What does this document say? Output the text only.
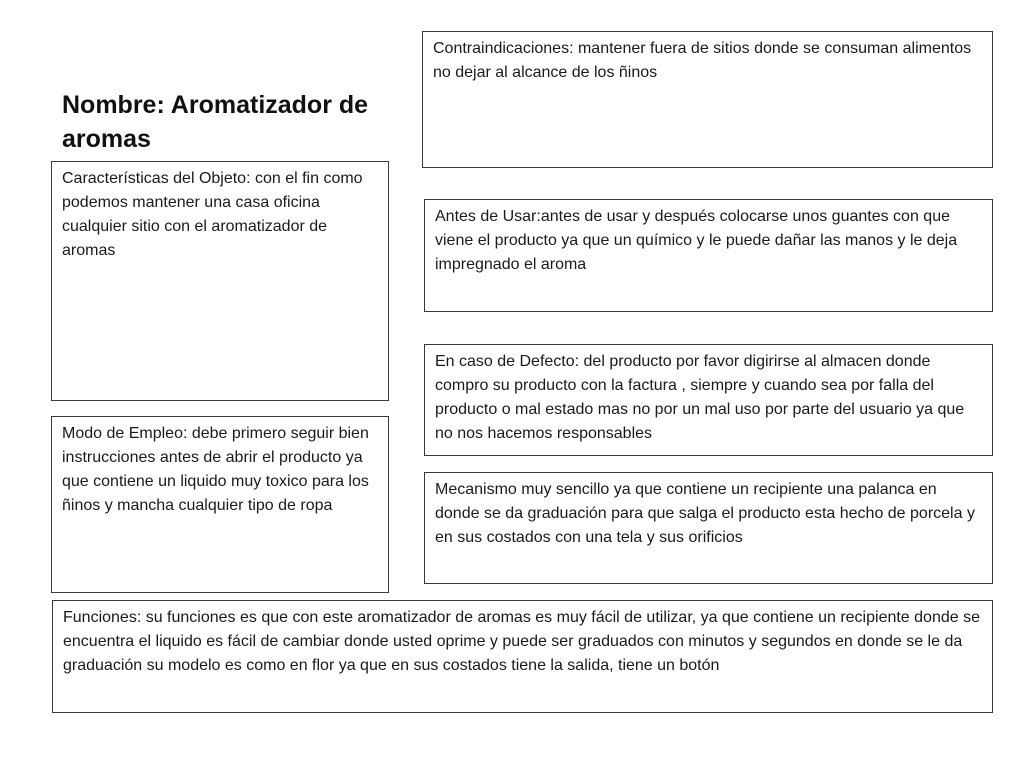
Nombre: Aromatizador de aromas
Contraindicaciones: mantener fuera de sitios donde se consuman alimentos no dejar al alcance de los ñinos
Características del Objeto: con el fin como podemos mantener una casa oficina cualquier sitio con el aromatizador de aromas
Antes de Usar:antes de usar y después colocarse unos guantes con que viene el producto ya que un químico y le puede dañar las manos y le deja impregnado el aroma
En caso de Defecto: del producto por favor digirirse al almacen donde compro su producto con la factura , siempre y cuando sea por falla del producto o mal estado mas no por un mal uso por parte del usuario ya que no nos hacemos responsables
Modo de Empleo: debe primero seguir bien instrucciones antes de abrir el producto ya que contiene un liquido muy toxico para los ñinos y mancha cualquier tipo de ropa
Mecanismo muy sencillo ya que contiene un recipiente una palanca en donde se da graduación para que salga el producto esta hecho de porcela y en sus costados con una tela y sus orificios
Funciones: su funciones es que con este aromatizador de aromas es muy fácil de utilizar, ya que contiene un recipiente donde se encuentra el liquido es fácil de cambiar donde usted oprime y puede ser graduados con minutos y segundos en donde se le da graduación su modelo es como en flor ya que en sus costados tiene la salida, tiene un botón
